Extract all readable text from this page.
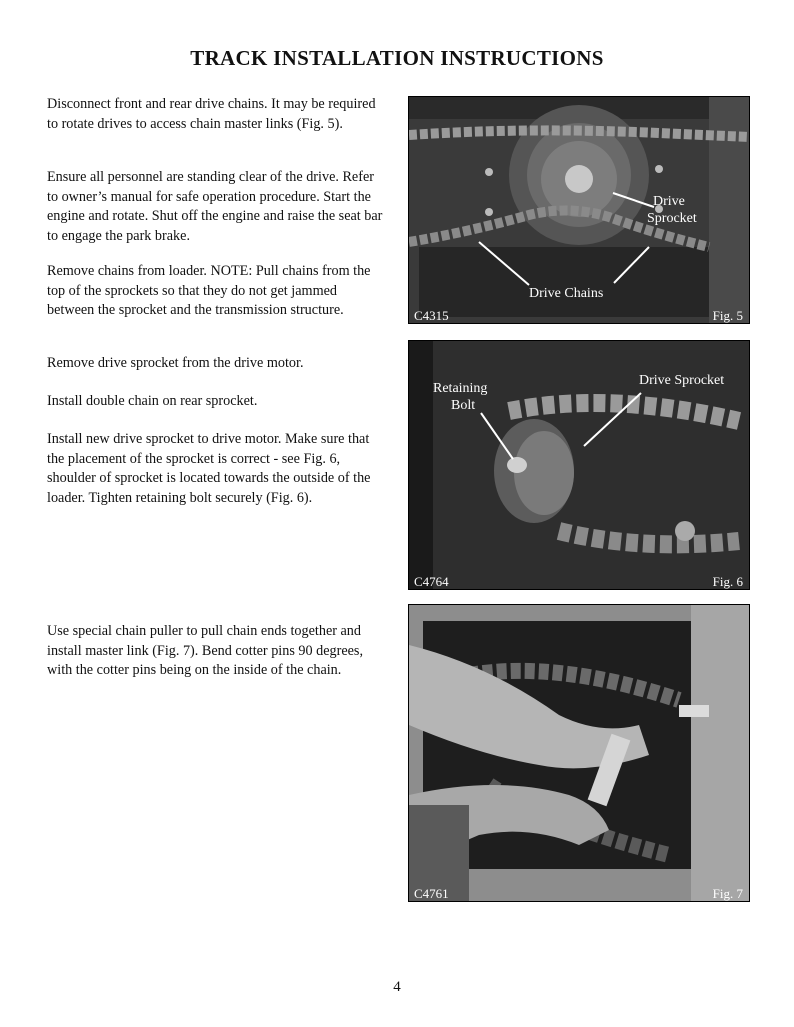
TRACK INSTALLATION INSTRUCTIONS

Disconnect front and rear drive chains. It may be required to rotate drives to access chain master links (Fig. 5).

Ensure all personnel are standing clear of the drive. Refer to owner’s manual for safe operation procedure. Start the engine and rotate. Shut off the engine and raise the seat bar to engage the park brake.

Remove chains from loader. NOTE: Pull chains from the top of the sprockets so that they do not get jammed between the sprocket and the transmission structure.

Remove drive sprocket from the drive motor.

Install double chain on rear sprocket.

Install new drive sprocket to drive motor. Make sure that the placement of the sprocket is correct - see Fig. 6, shoulder of sprocket is located towards the outside of the loader. Tighten retaining bolt securely (Fig. 6).

Use special chain puller to pull chain ends together and install master link (Fig. 7). Bend cotter pins 90 degrees, with the cotter pins being on the inside of the chain.

Drive
Sprocket
Drive Chains
C4315	Fig. 5
Retaining
Bolt
Drive Sprocket
C4764	Fig. 6
C4761	Fig. 7
4
